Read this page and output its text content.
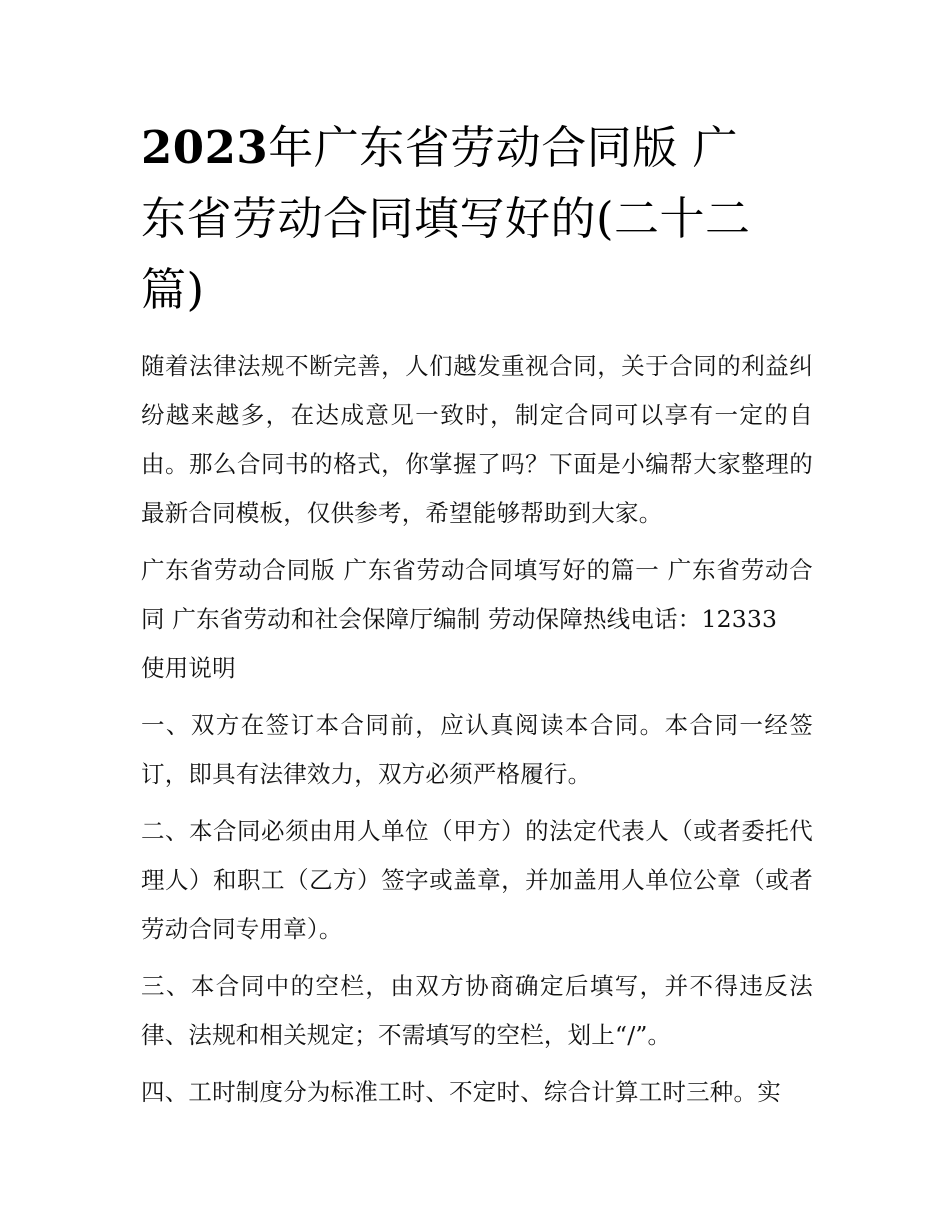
2023年广东省劳动合同版 广
东省劳动合同填写好的(二十二
篇)

随着法律法规不断完善，人们越发重视合同，关于合同的利益纠纷越来越多，在达成意见一致时，制定合同可以享有一定的自由。那么合同书的格式，你掌握了吗？下面是小编帮大家整理的最新合同模板，仅供参考，希望能够帮助到大家。

广东省劳动合同版 广东省劳动合同填写好的篇一 广东省劳动合同 广东省劳动和社会保障厅编制 劳动保障热线电话：12333

使用说明

一、双方在签订本合同前，应认真阅读本合同。本合同一经签订，即具有法律效力，双方必须严格履行。

二、本合同必须由用人单位（甲方）的法定代表人（或者委托代理人）和职工（乙方）签字或盖章，并加盖用人单位公章（或者劳动合同专用章）。

三、本合同中的空栏，由双方协商确定后填写，并不得违反法律、法规和相关规定；不需填写的空栏，划上“/”。

四、工时制度分为标准工时、不定时、综合计算工时三种。实
